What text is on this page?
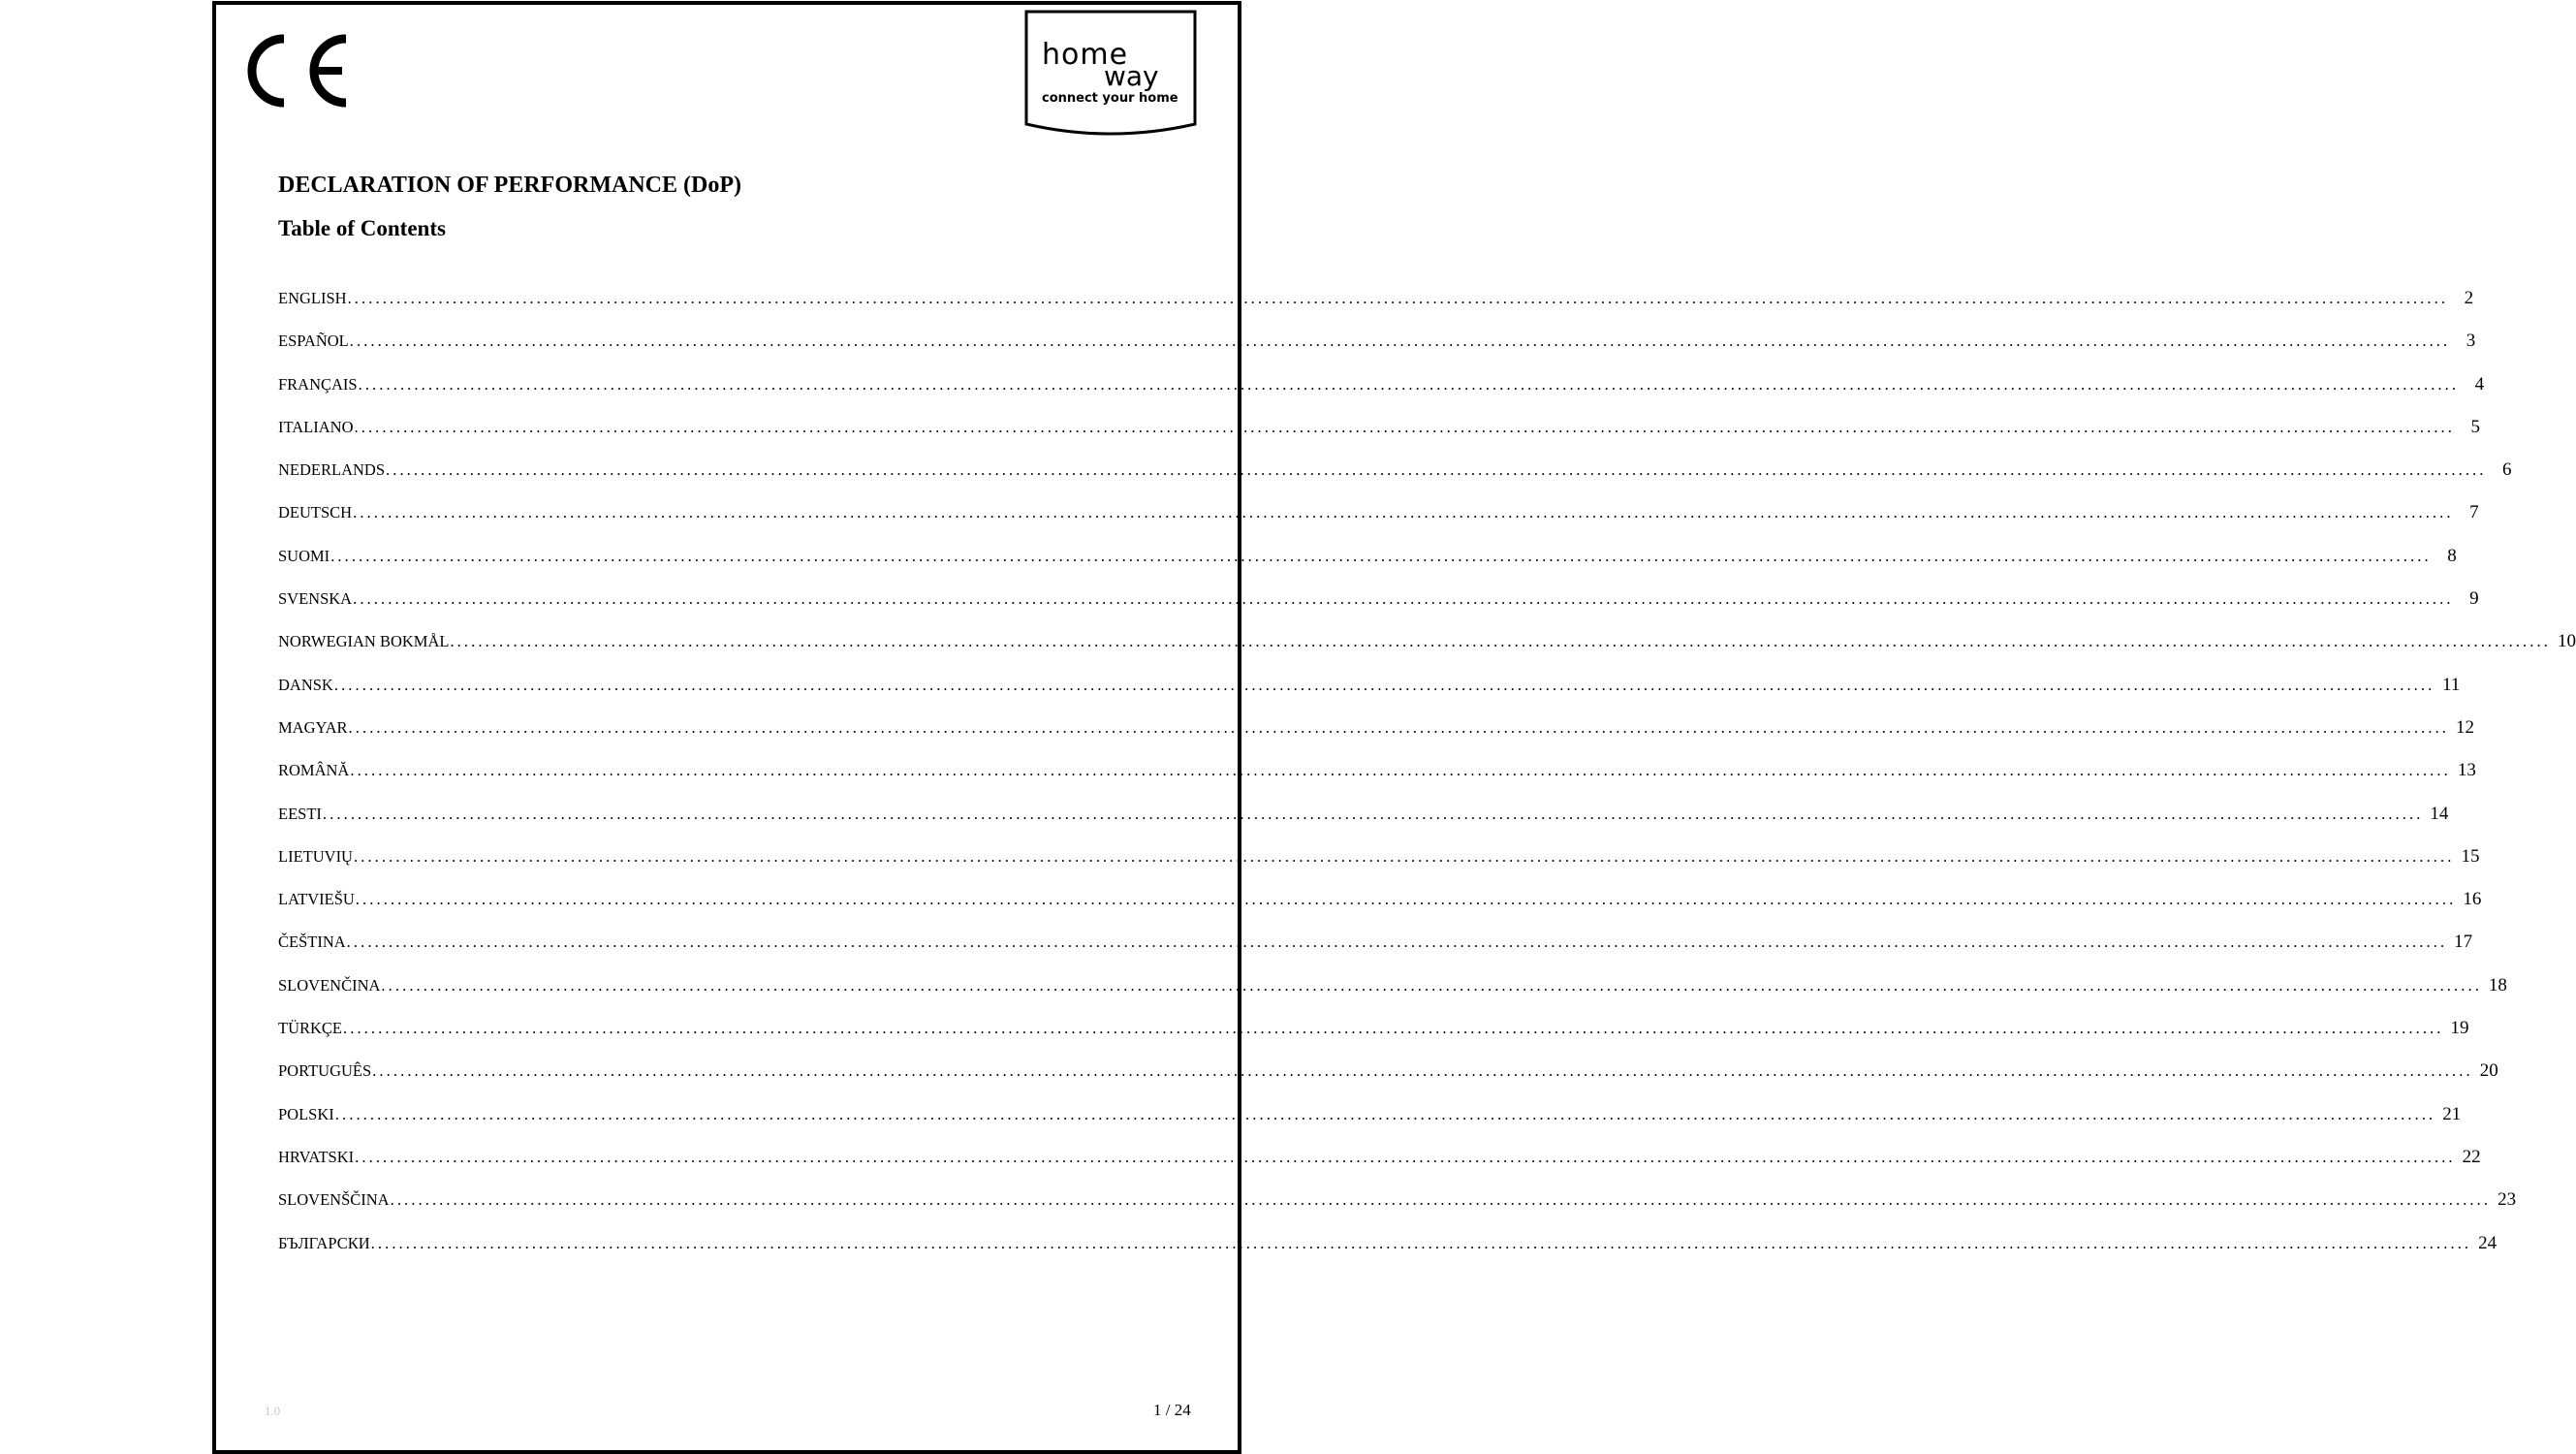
home
way
connect your home
DECLARATION OF PERFORMANCE (DoP)
Table of Contents
ENGLISH ............................................................................................................................................................................................................................................................................................................ 2
ESPAÑOL ............................................................................................................................................................................................................................................................................................................ 3
FRANÇAIS ............................................................................................................................................................................................................................................................................................................ 4
ITALIANO ............................................................................................................................................................................................................................................................................................................ 5
NEDERLANDS ............................................................................................................................................................................................................................................................................................................ 6
DEUTSCH ............................................................................................................................................................................................................................................................................................................ 7
SUOMI ............................................................................................................................................................................................................................................................................................................ 8
SVENSKA ............................................................................................................................................................................................................................................................................................................ 9
NORWEGIAN BOKMÅL ............................................................................................................................................................................................................................................................................................................ 10
DANSK ............................................................................................................................................................................................................................................................................................................ 11
MAGYAR ............................................................................................................................................................................................................................................................................................................ 12
ROMÂNĂ ............................................................................................................................................................................................................................................................................................................ 13
EESTI ............................................................................................................................................................................................................................................................................................................ 14
LIETUVIŲ ............................................................................................................................................................................................................................................................................................................ 15
LATVIEŠU ............................................................................................................................................................................................................................................................................................................ 16
ČEŠTINA ............................................................................................................................................................................................................................................................................................................ 17
SLOVENČINA ............................................................................................................................................................................................................................................................................................................ 18
TÜRKÇE ............................................................................................................................................................................................................................................................................................................ 19
PORTUGUÊS ............................................................................................................................................................................................................................................................................................................ 20
POLSKI ............................................................................................................................................................................................................................................................................................................ 21
HRVATSKI ............................................................................................................................................................................................................................................................................................................ 22
SLOVENŠČINA ............................................................................................................................................................................................................................................................................................................ 23
БЪЛГАРСКИ ............................................................................................................................................................................................................................................................................................................ 24
1.0	1 / 24
